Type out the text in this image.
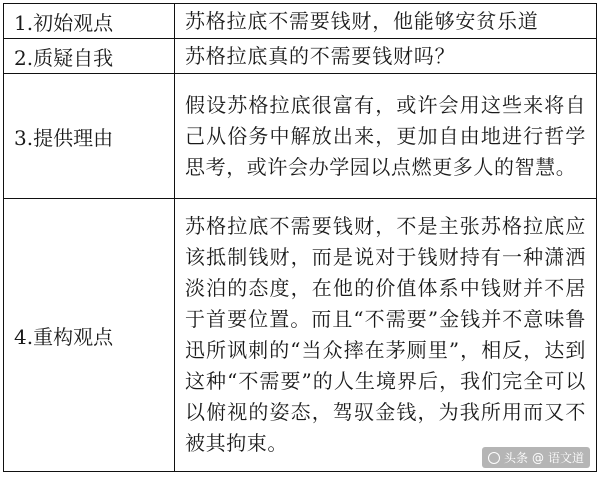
1.初始观点	苏格拉底不需要钱财，他能够安贫乐道
2.质疑自我	苏格拉底真的不需要钱财吗？
3.提供理由	假设苏格拉底很富有，或许会用这些来将自己从俗务中解放出来，更加自由地进行哲学思考，或许会办学园以点燃更多人的智慧。
4.重构观点	苏格拉底不需要钱财，不是主张苏格拉底应该抵制钱财，而是说对于钱财持有一种潇洒淡泊的态度，在他的价值体系中钱财并不居于首要位置。而且“不需要”金钱并不意味鲁迅所讽刺的“当众摔在茅厕里”，相反，达到这种“不需要”的人生境界后，我们完全可以以俯视的姿态，驾驭金钱，为我所用而又不被其拘束。
头条 @ 语文道
